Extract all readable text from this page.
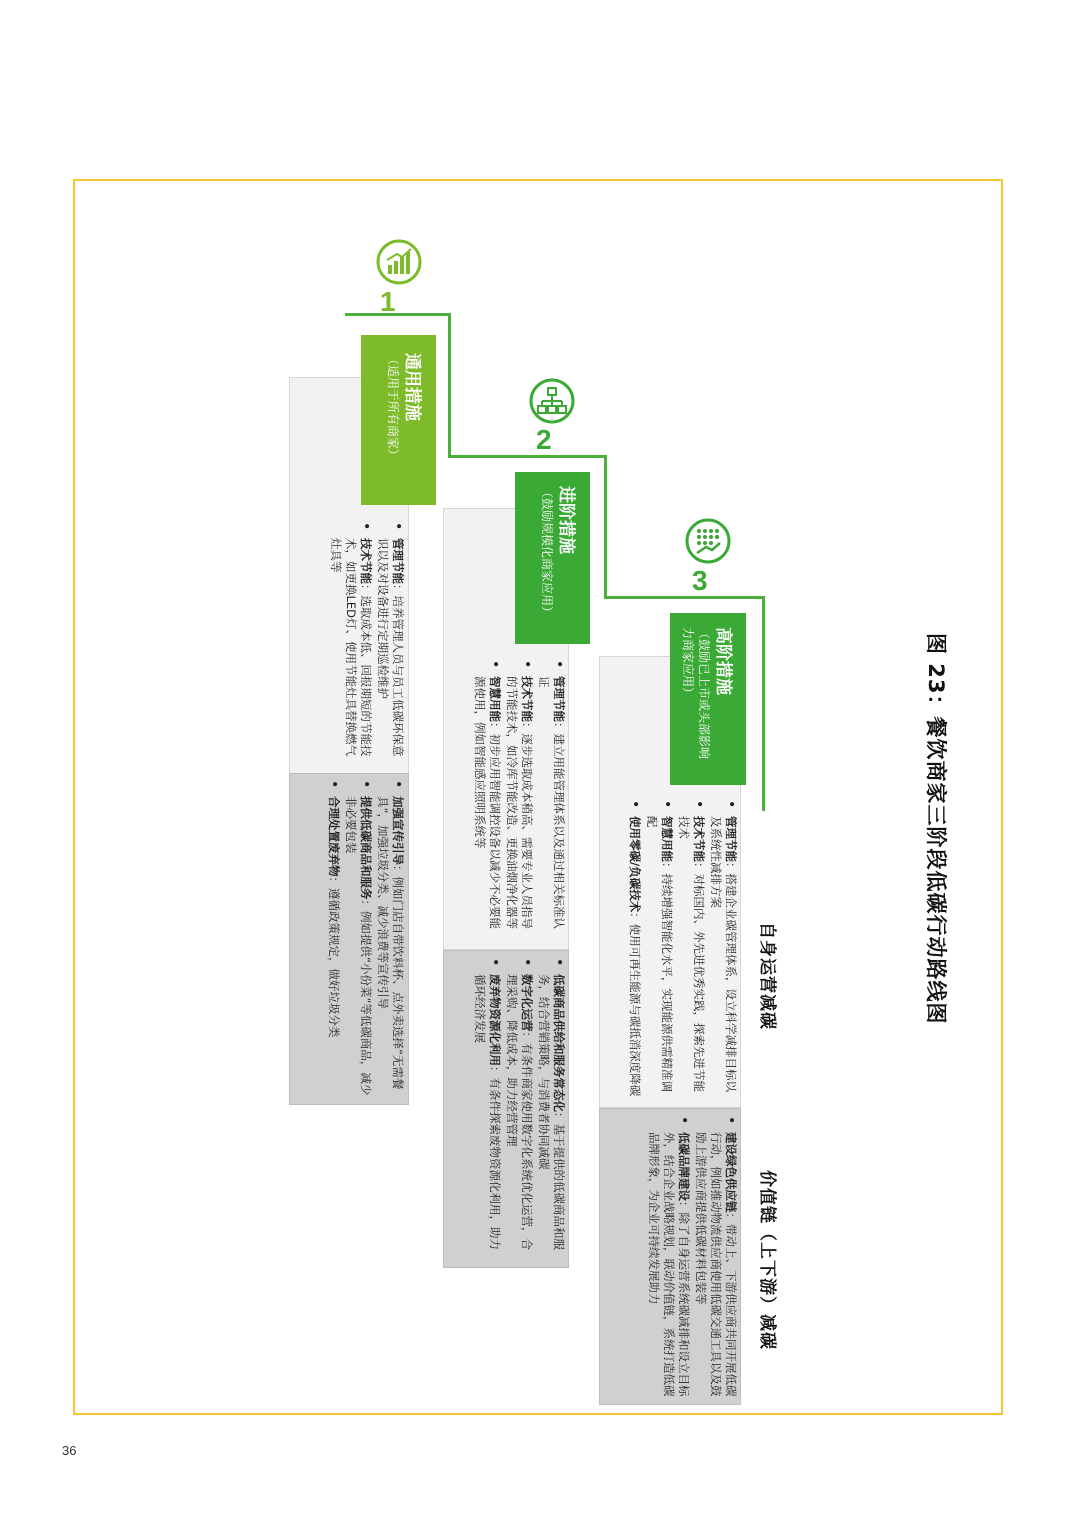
图 23：餐饮商家三阶段低碳行动路线图
自身运营减碳
价值链（上下游）减碳
1
2
3
通用措施
（适用于所有商家）
• 管理节能：培养管理人员与员工低碳环保意识以及对设备进行定期巡检维护
• 技术节能：选取成本低、回报期短的节能技术，如更换LED灯、使用节能灶具替换燃气灶具等
• 加强宣传引导：例如门店自带饮料杯、点外卖选择“无需餐具”，加强垃圾分类、减少浪费等宣传引导
• 提供低碳商品和服务：例如提供“小份菜”等低碳商品，减少非必要包装
• 合理处置废弃物：遵循政策规定，做好垃圾分类
进阶措施
（鼓励规模化商家应用）
• 管理节能：建立用能管理体系以及通过相关标准认证
• 技术节能：逐步选取成本稍高、需要专业人员指导的节能技术，如冷库节能改造、更换油烟净化器等
• 智慧用能：初步应用智能调控设备以减少不必要能源使用，例如智能感应照明系统等
• 低碳商品供给和服务常态化：基于提供的低碳商品和服务，结合营销策略，与消费者协同减碳
• 数字化运营：有条件商家使用数字化系统优化运营，合理采购、降低成本，助力经营管理
• 废弃物资源化利用：有条件探索废物资源化利用，助力循环经济发展
高阶措施
（鼓励已上市或头部影响力商家应用）
• 管理节能：搭建企业碳管理体系，设立科学减排目标以及系统性减排方案
• 技术节能：对标国内、外先进优秀实践，探索先进节能技术
• 智慧用能：持续增强智能化水平，实现能源供需精准调配
• 使用零碳/负碳技术：使用可再生能源与碳抵消深度降碳
• 建设绿色供应链：带动上、下游供应商共同开展低碳行动，例如推动物流供应商使用低碳交通工具以及鼓励上游供应商提供低碳材料包装等
• 低碳品牌建设：除了自身运营系统碳减排和设立目标外，结合企业战略规划，联动价值链，系统打造低碳品牌形象，为企业可持续发展助力
36
